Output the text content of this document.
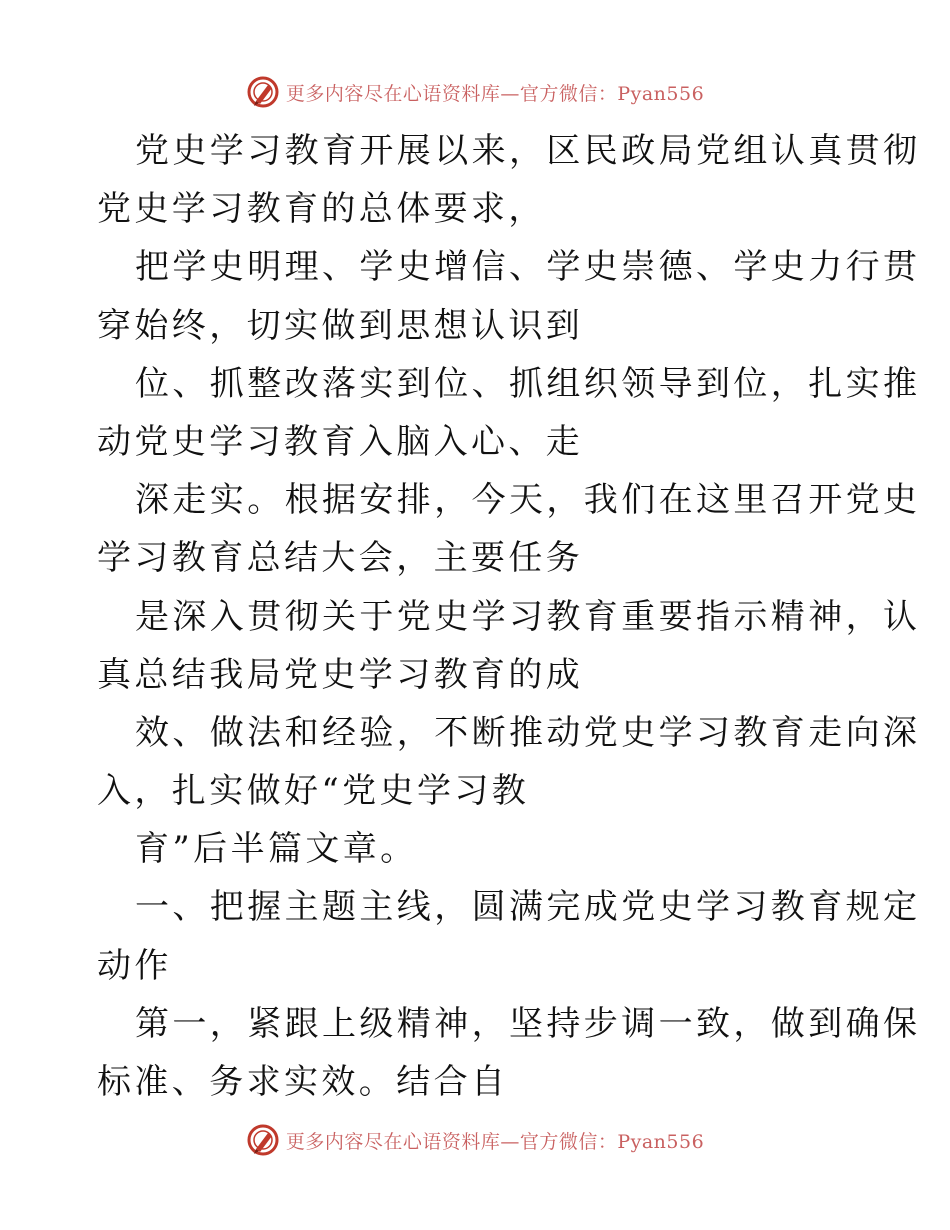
更多内容尽在心语资料库—官方微信：Pyan556
党史学习教育开展以来，区民政局党组认真贯彻
党史学习教育的总体要求，
把学史明理、学史增信、学史崇德、学史力行贯
穿始终，切实做到思想认识到
位、抓整改落实到位、抓组织领导到位，扎实推
动党史学习教育入脑入心、走
深走实。根据安排，今天，我们在这里召开党史
学习教育总结大会，主要任务
是深入贯彻关于党史学习教育重要指示精神，认
真总结我局党史学习教育的成
效、做法和经验，不断推动党史学习教育走向深
入，扎实做好“党史学习教
育”后半篇文章。
一、把握主题主线，圆满完成党史学习教育规定
动作
第一，紧跟上级精神，坚持步调一致，做到确保
标准、务求实效。结合自
更多内容尽在心语资料库—官方微信：Pyan556
